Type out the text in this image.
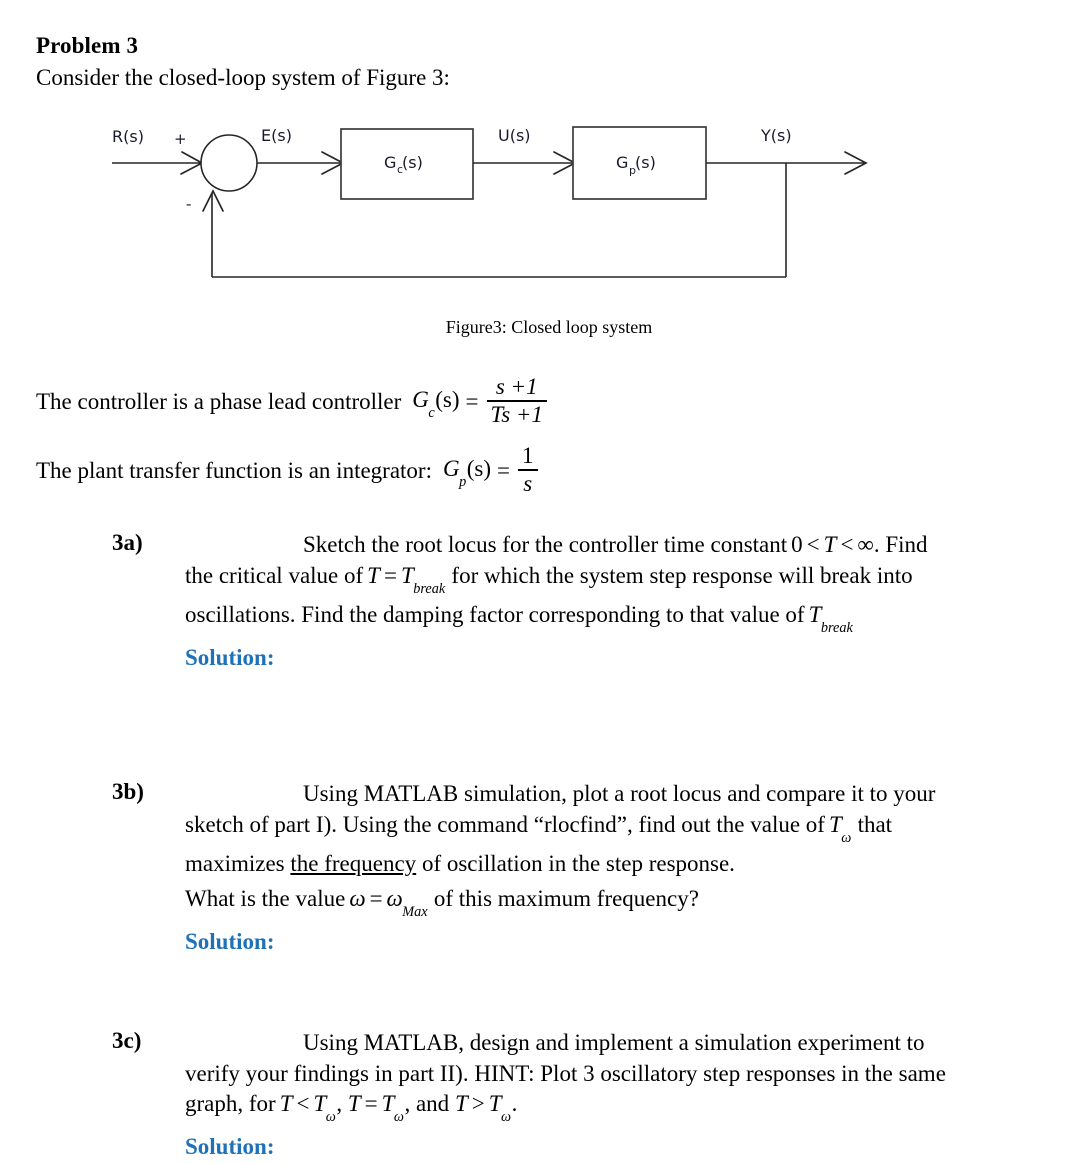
Problem 3
Consider the closed-loop system of Figure 3:
R(s) +
-
E(s)	U(s)	Y(s)
G c
(s)	G p (s)
Figure3: Closed loop system
The controller is a phase lead controller $G_c(s) = \frac{s +1}{Ts +1}$
The plant transfer function is an integrator: $G_p(s) = \frac{1}{s}$
3a)	Sketch the root locus for the controller time constant 0 < T < ∞. Find the critical value of $T = T_{break}$ for which the system step response will break into oscillations. Find the damping factor corresponding to that value of $T_{break}$
Solution:
3b)	Using MATLAB simulation, plot a root locus and compare it to your sketch of part I). Using the command “rlocfind”, find out the value of $T_\omega$ that maximizes the frequency of oscillation in the step response.
What is the value $\omega = \omega_{Max}$ of this maximum frequency?
Solution:
3c)	Using MATLAB, design and implement a simulation experiment to verify your findings in part II). HINT: Plot 3 oscillatory step responses in the same graph, for $T < T_\omega$, $T = T_\omega$, and $T > T_\omega$.
Solution:
